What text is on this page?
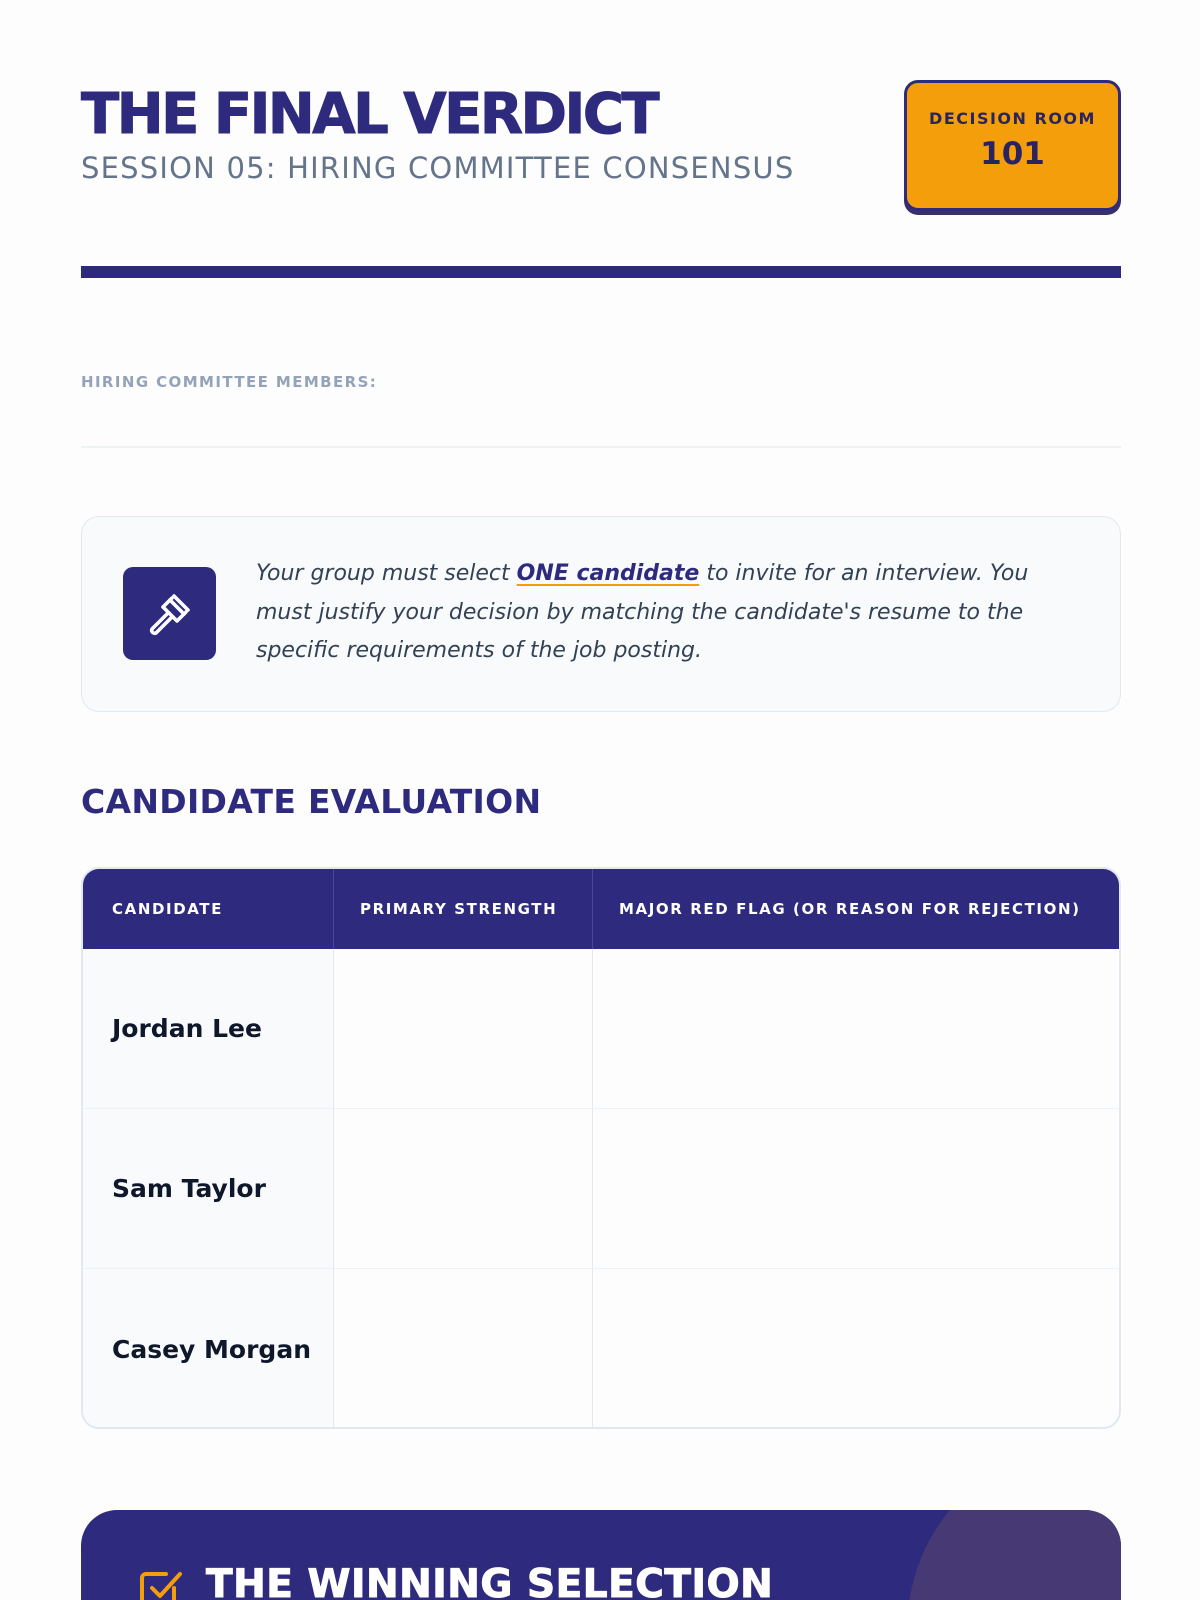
THE FINAL VERDICT
SESSION 05: HIRING COMMITTEE CONSENSUS
DECISION ROOM
101
HIRING COMMITTEE MEMBERS:
Your group must select ONE candidate to invite for an interview. You must justify your decision by matching the candidate's resume to the specific requirements of the job posting.
CANDIDATE EVALUATION
CANDIDATE	PRIMARY STRENGTH	MAJOR RED FLAG (OR REASON FOR REJECTION)
Jordan Lee
Sam Taylor
Casey Morgan
THE WINNING SELECTION
